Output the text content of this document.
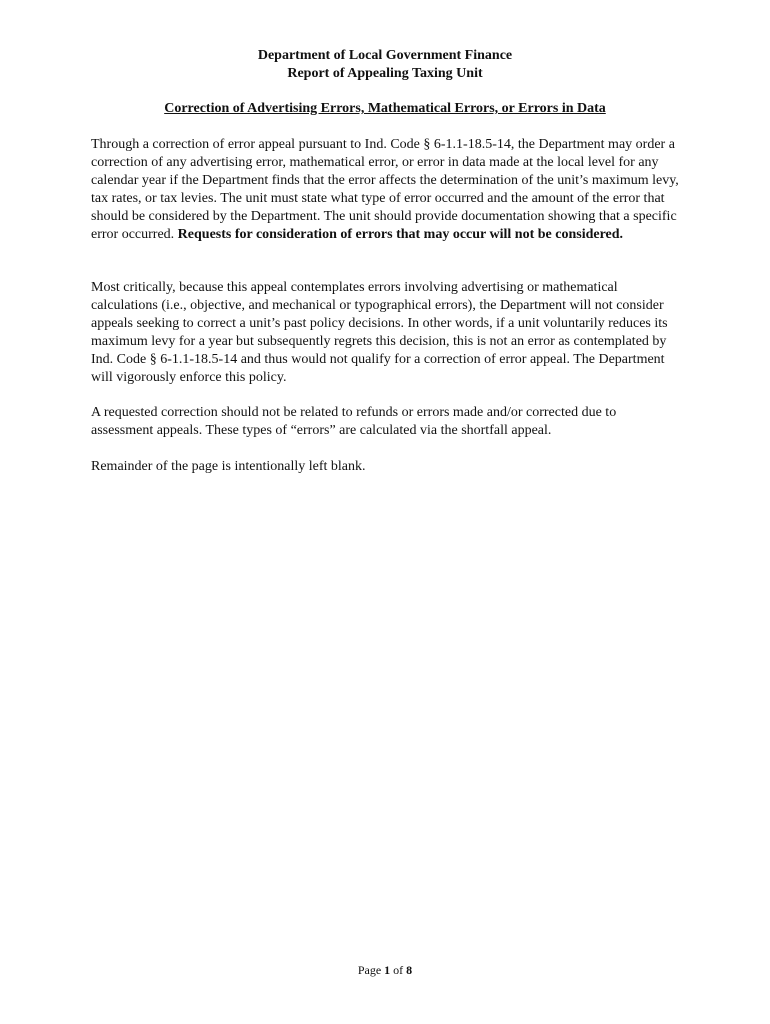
Department of Local Government Finance
Report of Appealing Taxing Unit
Correction of Advertising Errors, Mathematical Errors, or Errors in Data

Through a correction of error appeal pursuant to Ind. Code § 6-1.1-18.5-14, the Department may order a correction of any advertising error, mathematical error, or error in data made at the local level for any calendar year if the Department finds that the error affects the determination of the unit’s maximum levy, tax rates, or tax levies. The unit must state what type of error occurred and the amount of the error that should be considered by the Department. The unit should provide documentation showing that a specific error occurred. Requests for consideration of errors that may occur will not be considered.

Most critically, because this appeal contemplates errors involving advertising or mathematical calculations (i.e., objective, and mechanical or typographical errors), the Department will not consider appeals seeking to correct a unit’s past policy decisions. In other words, if a unit voluntarily reduces its maximum levy for a year but subsequently regrets this decision, this is not an error as contemplated by Ind. Code § 6-1.1-18.5-14 and thus would not qualify for a correction of error appeal. The Department will vigorously enforce this policy.

A requested correction should not be related to refunds or errors made and/or corrected due to assessment appeals. These types of “errors” are calculated via the shortfall appeal.

Remainder of the page is intentionally left blank.

Page 1 of 8
